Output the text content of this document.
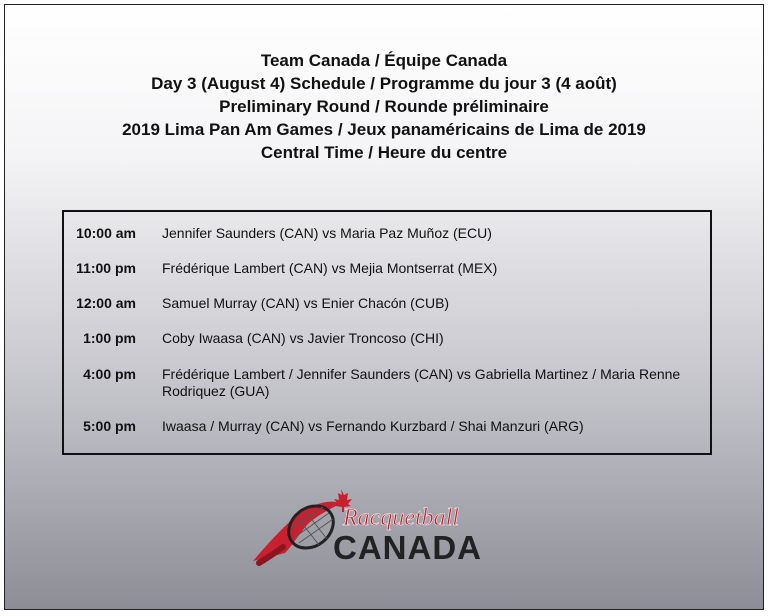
Team Canada / Équipe Canada
Day 3 (August 4) Schedule / Programme du jour 3 (4 août)
Preliminary Round / Rounde préliminaire
2019 Lima Pan Am Games / Jeux panaméricains de Lima de 2019
Central Time / Heure du centre
10:00 am Jennifer Saunders (CAN) vs Maria Paz Muñoz (ECU)
11:00 pm Frédérique Lambert (CAN) vs Mejia Montserrat (MEX)
12:00 am Samuel Murray (CAN) vs Enier Chacón (CUB)
1:00 pm Coby Iwaasa (CAN) vs Javier Troncoso (CHI)
4:00 pm Frédérique Lambert / Jennifer Saunders (CAN) vs Gabriella Martinez / Maria Renne Rodriquez (GUA)
5:00 pm Iwaasa / Murray (CAN) vs Fernando Kurzbard / Shai Manzuri (ARG)
Racquetball
CANADA
